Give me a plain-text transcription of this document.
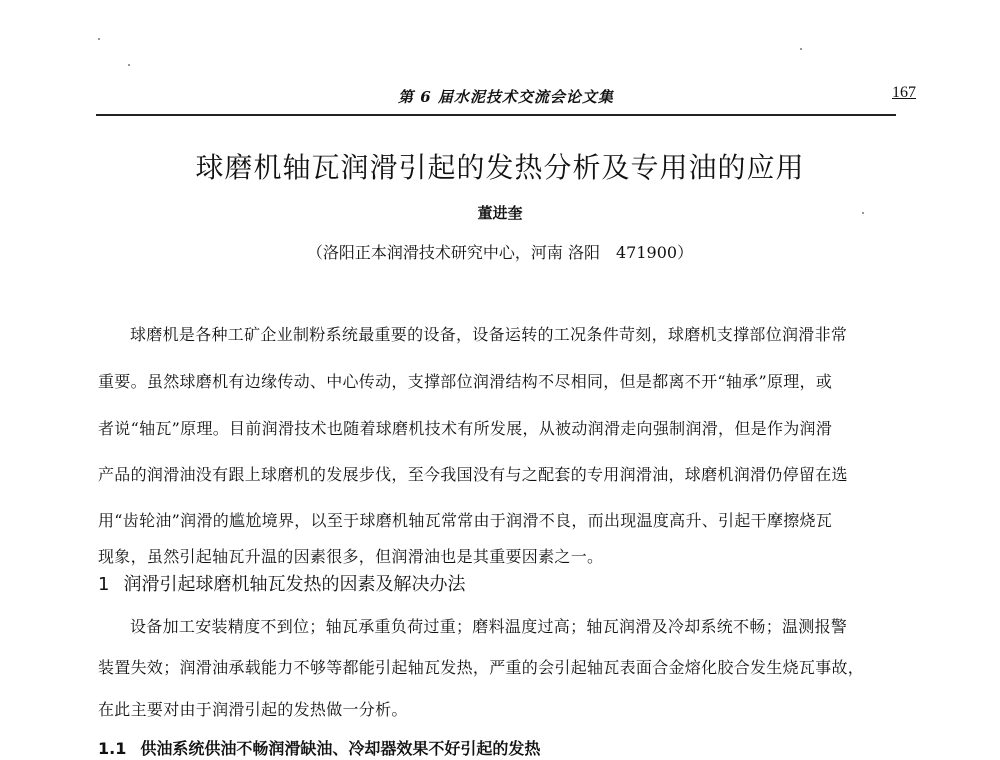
第 6 届水泥技术交流会论文集	167
球磨机轴瓦润滑引起的发热分析及专用油的应用
董进奎
（洛阳正本润滑技术研究中心，河南 洛阳　471900）
球磨机是各种工矿企业制粉系统最重要的设备，设备运转的工况条件苛刻，球磨机支撑部位润滑非常
重要。虽然球磨机有边缘传动、中心传动，支撑部位润滑结构不尽相同，但是都离不开“轴承”原理，或
者说“轴瓦”原理。目前润滑技术也随着球磨机技术有所发展，从被动润滑走向强制润滑，但是作为润滑
产品的润滑油没有跟上球磨机的发展步伐，至今我国没有与之配套的专用润滑油，球磨机润滑仍停留在选
用“齿轮油”润滑的尴尬境界，以至于球磨机轴瓦常常由于润滑不良，而出现温度高升、引起干摩擦烧瓦
现象，虽然引起轴瓦升温的因素很多，但润滑油也是其重要因素之一。
1 润滑引起球磨机轴瓦发热的因素及解决办法
设备加工安装精度不到位；轴瓦承重负荷过重；磨料温度过高；轴瓦润滑及冷却系统不畅；温测报警
装置失效；润滑油承载能力不够等都能引起轴瓦发热，严重的会引起轴瓦表面合金熔化胶合发生烧瓦事故，
在此主要对由于润滑引起的发热做一分析。
1.1 供油系统供油不畅润滑缺油、冷却器效果不好引起的发热
